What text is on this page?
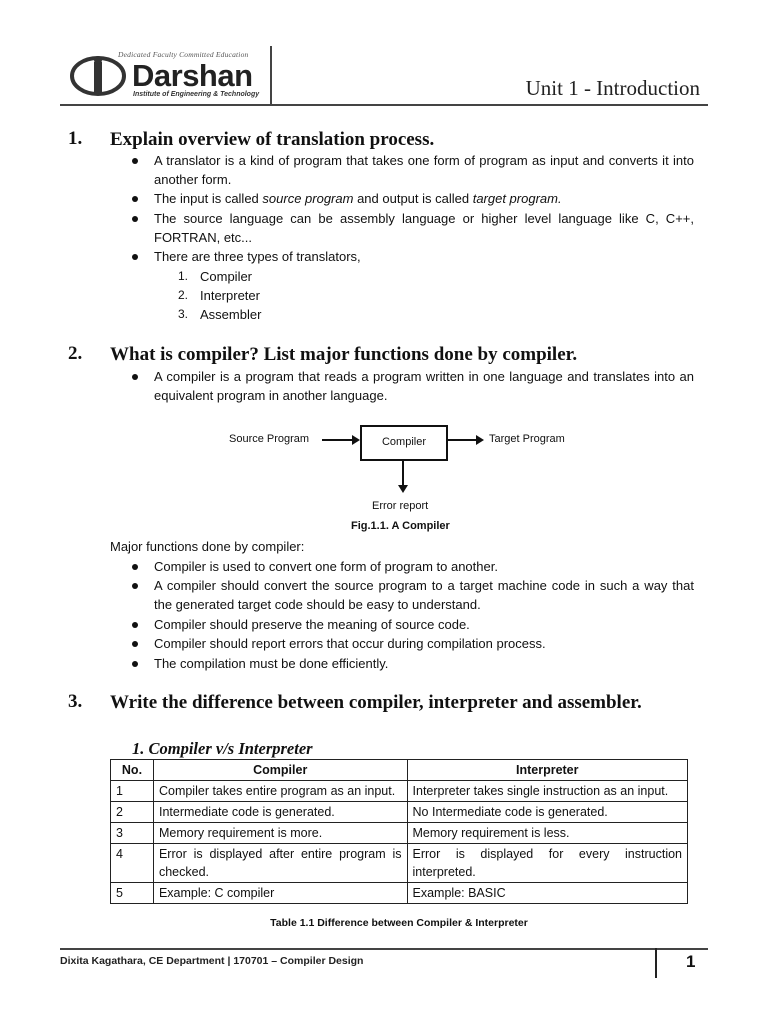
Dedicated Faculty Committed Education
Darshan
Institute of Engineering & Technology	Unit 1 - Introduction
1. Explain overview of translation process.
A translator is a kind of program that takes one form of program as input and converts it into another form.
The input is called source program and output is called target program.
The source language can be assembly language or higher level language like C, C++, FORTRAN, etc...
There are three types of translators,
1. Compiler
2. Interpreter
3. Assembler
2. What is compiler? List major functions done by compiler.
A compiler is a program that reads a program written in one language and translates into an equivalent program in another language.
Source Program	Compiler	Target Program
Error report
Fig.1.1. A Compiler
Major functions done by compiler:
Compiler is used to convert one form of program to another.
A compiler should convert the source program to a target machine code in such a way that the generated target code should be easy to understand.
Compiler should preserve the meaning of source code.
Compiler should report errors that occur during compilation process.
The compilation must be done efficiently.
3. Write the difference between compiler, interpreter and assembler.
1. Compiler v/s Interpreter
No.	Compiler	Interpreter
1	Compiler takes entire program as an input.	Interpreter takes single instruction as an input.
2	Intermediate code is generated.	No Intermediate code is generated.
3	Memory requirement is more.	Memory requirement is less.
4	Error is displayed after entire program is checked.	Error is displayed for every instruction interpreted.
5	Example: C compiler	Example: BASIC
Table 1.1 Difference between Compiler & Interpreter
Dixita Kagathara, CE Department | 170701 – Compiler Design	1
